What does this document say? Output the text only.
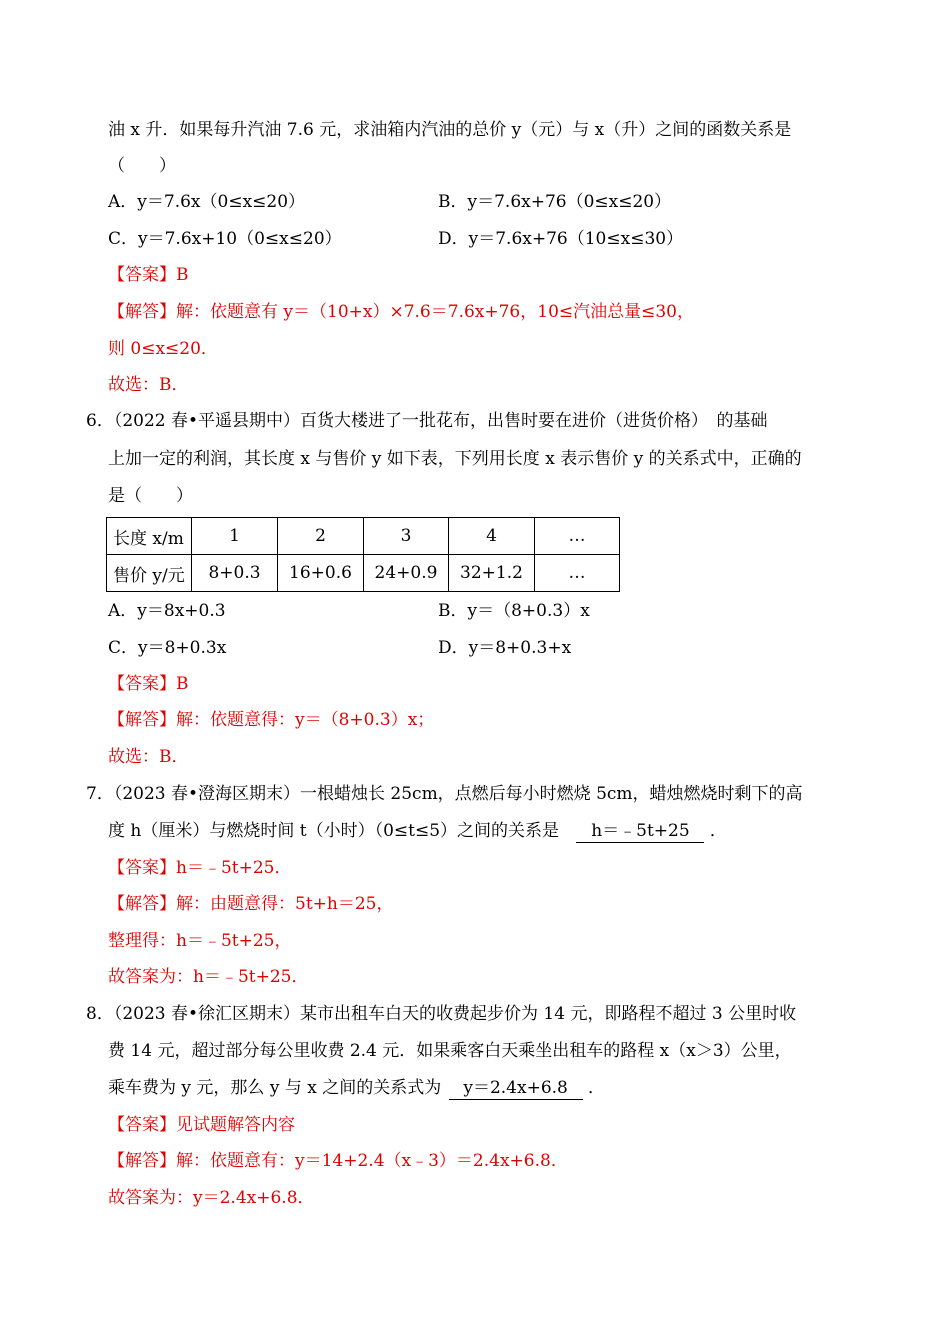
油 x 升．如果每升汽油 7.6 元，求油箱内汽油的总价 y（元）与 x（升）之间的函数关系是
（　　）
A．y＝7.6x（0≤x≤20）	B．y＝7.6x+76（0≤x≤20）
C．y＝7.6x+10（0≤x≤20）	D．y＝7.6x+76（10≤x≤30）
【答案】B
【解答】解：依题意有 y＝（10+x）×7.6＝7.6x+76，10≤汽油总量≤30，
则 0≤x≤20．
故选：B．
6．（2022 春•平遥县期中）百货大楼进了一批花布，出售时要在进价（进货价格）　的基础
上加一定的利润，其长度 x 与售价 y 如下表，下列用长度 x 表示售价 y 的关系式中，正确的
是（　　）
长度 x/m	1	2	3	4	…
售价 y/元	8+0.3	16+0.6	24+0.9	32+1.2	…
A．y＝8x+0.3	B．y＝（8+0.3）x
C．y＝8+0.3x	D．y＝8+0.3+x
【答案】B
【解答】解：依题意得：y＝（8+0.3）x；
故选：B．
7．（2023 春•澄海区期末）一根蜡烛长 25cm，点燃后每小时燃烧 5cm，蜡烛燃烧时剩下的高
度 h（厘米）与燃烧时间 t（小时）（0≤t≤5）之间的关系是 h＝﹣5t+25 ．
【答案】h＝﹣5t+25．
【解答】解：由题意得：5t+h＝25，
整理得：h＝﹣5t+25，
故答案为：h＝﹣5t+25．
8．（2023 春•徐汇区期末）某市出租车白天的收费起步价为 14 元，即路程不超过 3 公里时收
费 14 元，超过部分每公里收费 2.4 元．如果乘客白天乘坐出租车的路程 x（x＞3）公里，
乘车费为 y 元，那么 y 与 x 之间的关系式为 y＝2.4x+6.8 ．
【答案】见试题解答内容
【解答】解：依题意有：y＝14+2.4（x﹣3）＝2.4x+6.8．
故答案为：y＝2.4x+6.8．
